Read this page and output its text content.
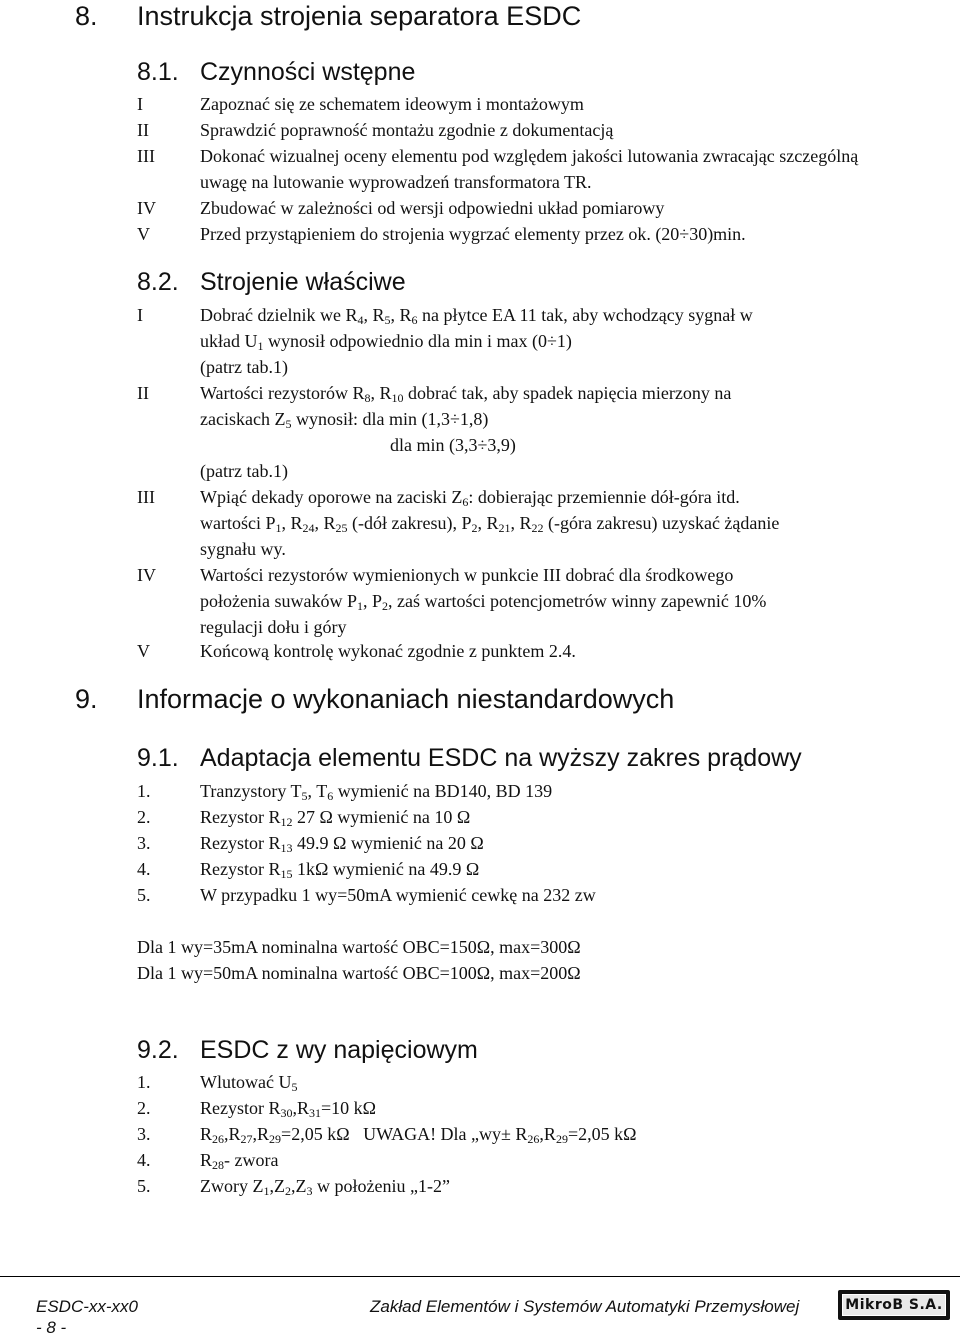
8. Instrukcja strojenia separatora ESDC
8.1. Czynności wstępne
I	Zapoznać się ze schematem ideowym i montażowym
II	Sprawdzić poprawność montażu zgodnie z dokumentacją
III	Dokonać wizualnej oceny elementu pod względem jakości lutowania zwracając szczególną uwagę na lutowanie wyprowadzeń transformatora TR.
IV Zbudować w zależności od wersji odpowiedni układ pomiarowy
V	Przed przystąpieniem do strojenia wygrzać elementy przez ok. (20÷30)min.
8.2. Strojenie właściwe
I	Dobrać dzielnik we $R_4$, $R_5$, $R_6$ na płytce EA 11 tak, aby wchodzący sygnał w
układ $U_1$ wynosił odpowiednio dla min i max (0÷1)
(patrz tab.1)
II	Wartości rezystorów $R_8$, $R_{10}$ dobrać tak, aby spadek napięcia mierzony na
zaciskach $Z_5$ wynosił: dla min (1,3÷1,8)
dla min (3,3÷3,9)
(patrz tab.1)
III	Wpiąć dekady oporowe na zaciski $Z_6$: dobierając przemiennie dół-góra itd.
wartości $P_1$, $R_{24}$, $R_{25}$ (-dół zakresu), $P_2$, $R_{21}$, $R_{22}$ (-góra zakresu) uzyskać żądanie
sygnału wy.
IV Wartości rezystorów wymienionych w punkcie III dobrać dla środkowego
położenia suwaków $P_1$, $P_2$, zaś wartości potencjometrów winny zapewnić 10%
regulacji dołu i góry
V	Końcową kontrolę wykonać zgodnie z punktem 2.4.
9. Informacje o wykonaniach niestandardowych
9.1. Adaptacja elementu ESDC na wyższy zakres prądowy
1.	Tranzystory $T_5$, $T_6$ wymienić na BD140, BD 139
2.	Rezystor $R_{12}$ 27 Ω wymienić na 10 Ω
3.	Rezystor $R_{13}$ 49.9 Ω wymienić na 20 Ω
4.	Rezystor $R_{15}$ 1kΩ wymienić na 49.9 Ω
5.	W przypadku 1 wy=50mA wymienić cewkę na 232 zw
Dla 1 wy=35mA nominalna wartość OBC=150Ω, max=300Ω
Dla 1 wy=50mA nominalna wartość OBC=100Ω, max=200Ω
9.2. ESDC z wy napięciowym
1.	Wlutować $U_5$
2.	Rezystor $R_{30},R_{31}=10$ kΩ
3.	$R_{26},R_{27},R_{29}=2,05$ kΩ   UWAGA! Dla „wy± $R_{26},R_{29}=2,05$ kΩ
4.	$R_{28}-$ zwora
5.	Zwory $Z_1,Z_2,Z_3$ w położeniu „1-2”
ESDC-xx-xx0
- 8 -
Zakład Elementów i Systemów Automatyki Przemysłowej	MikroB S.A.
